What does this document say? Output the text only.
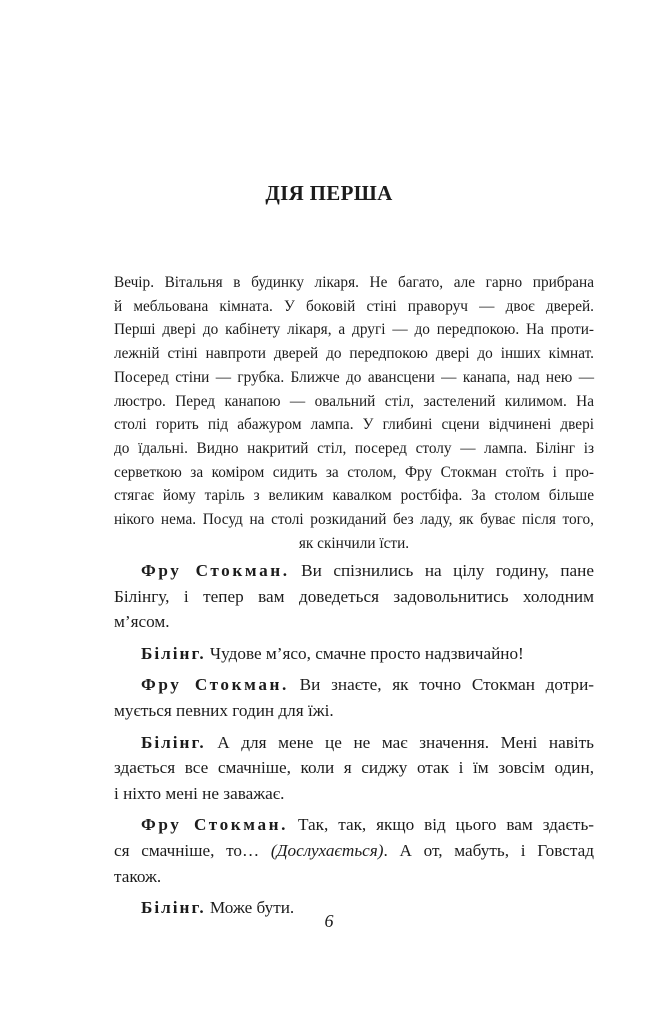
ДІЯ ПЕРША
Вечір. Вітальня в будинку лікаря. Не багато, але гарно прибрана
й мебльована кімната. У боковій стіні праворуч — двоє дверей.
Перші двері до кабінету лікаря, а другі — до передпокою. На проти-
лежній стіні навпроти дверей до передпокою двері до інших кімнат.
Посеред стіни — грубка. Ближче до авансцени — канапа, над нею —
люстро. Перед канапою — овальний стіл, застелений килимом. На
столі горить під абажуром лампа. У глибині сцени відчинені двері
до їдальні. Видно накритий стіл, посеред столу — лампа. Білінг із
серветкою за коміром сидить за столом, Фру Стокман стоїть і про-
стягає йому таріль з великим кавалком ростбіфа. За столом більше
нікого нема. Посуд на столі розкиданий без ладу, як буває після того,
як скінчили їсти.
Фру Стокман. Ви спізнились на цілу годину, пане
Білінгу, і тепер вам доведеться задовольнитись холодним
м’ясом.
Білінг. Чудове м’ясо, смачне просто надзвичайно!
Фру Стокман. Ви знаєте, як точно Стокман дотри-
мується певних годин для їжі.
Білінг. А для мене це не має значення. Мені навіть
здається все смачніше, коли я сиджу отак і їм зовсім один,
і ніхто мені не заважає.
Фру Стокман. Так, так, якщо від цього вам здаєть-
ся смачніше, то… (Дослухається). А от, мабуть, і Говстад
також.
Білінг. Може бути.
6
